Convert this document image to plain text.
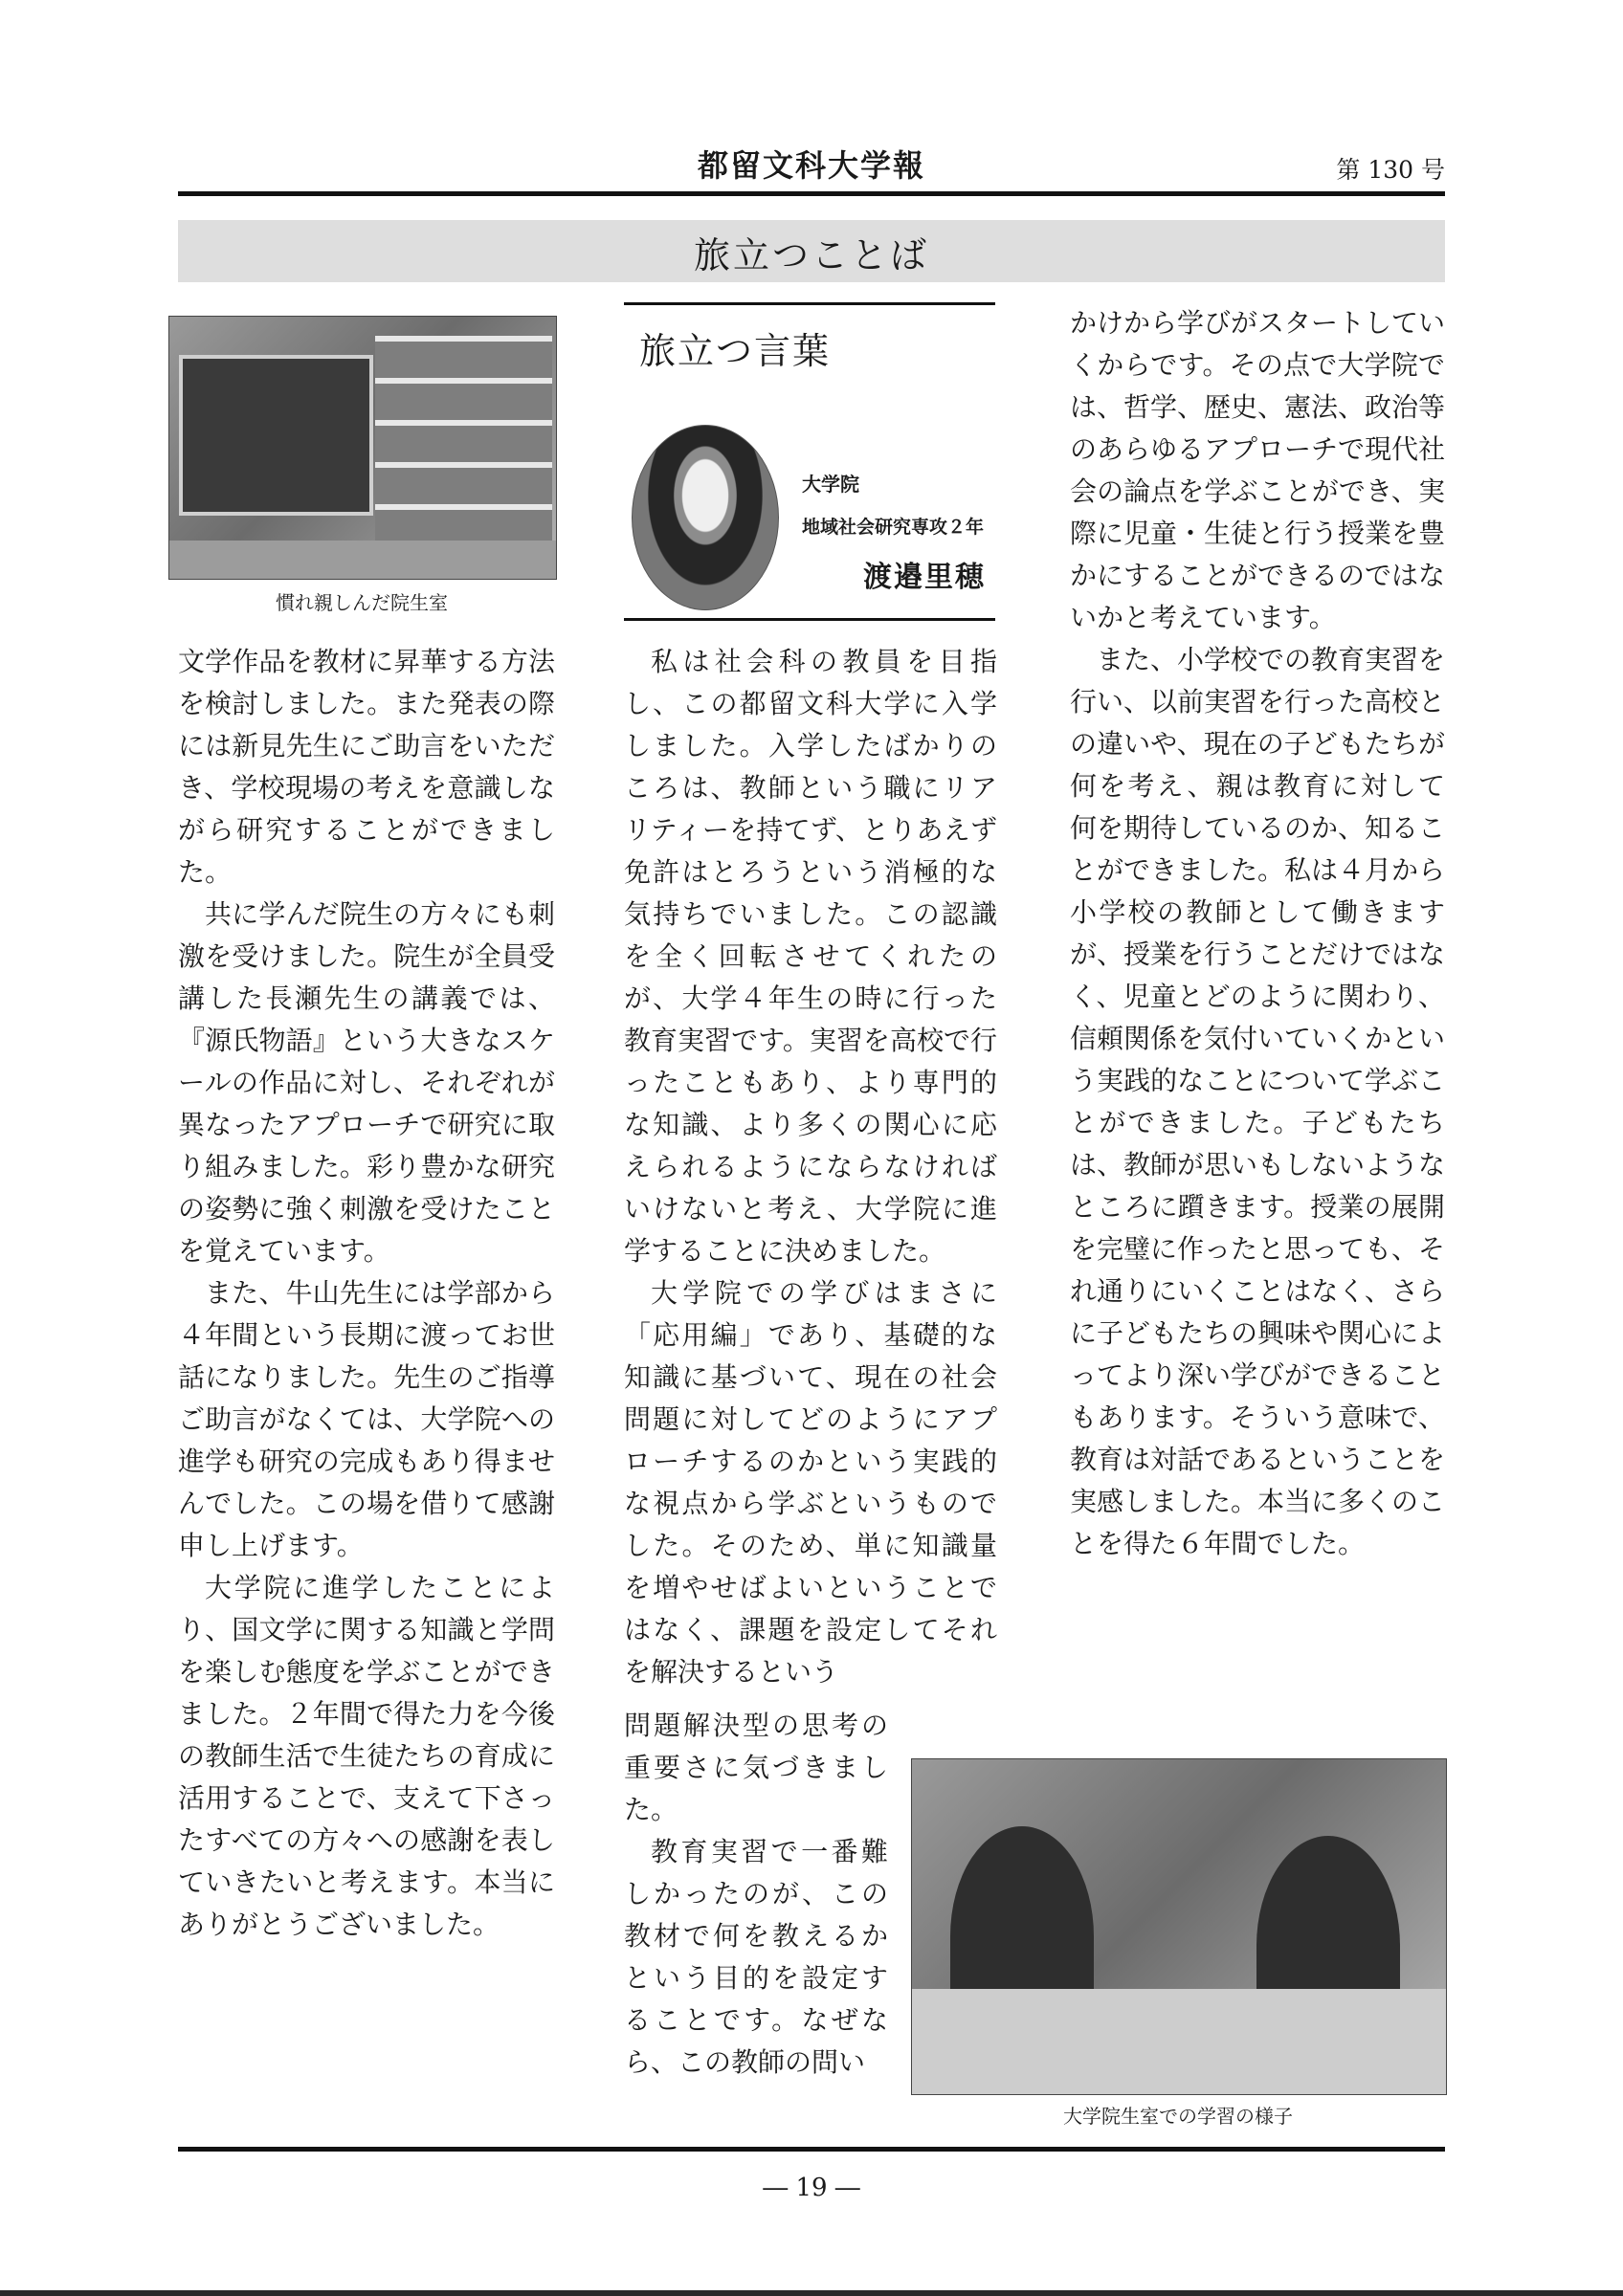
都留文科大学報	第 130 号
旅立つことば
慣れ親しんだ院生室
旅立つ言葉
大学院
地域社会研究専攻２年
渡邉里穂

文学作品を教材に昇華する方法を検討しました。また発表の際には新見先生にご助言をいただき、学校現場の考えを意識しながら研究することができました。

共に学んだ院生の方々にも刺激を受けました。院生が全員受講した長瀬先生の講義では、『源氏物語』という大きなスケールの作品に対し、それぞれが異なったアプローチで研究に取り組みました。彩り豊かな研究の姿勢に強く刺激を受けたことを覚えています。

また、牛山先生には学部から４年間という長期に渡ってお世話になりました。先生のご指導ご助言がなくては、大学院への進学も研究の完成もあり得ませんでした。この場を借りて感謝申し上げます。

大学院に進学したことにより、国文学に関する知識と学問を楽しむ態度を学ぶことができました。２年間で得た力を今後の教師生活で生徒たちの育成に活用することで、支えて下さったすべての方々への感謝を表していきたいと考えます。本当にありがとうございました。

私は社会科の教員を目指し、この都留文科大学に入学しました。入学したばかりのころは、教師という職にリアリティーを持てず、とりあえず免許はとろうという消極的な気持ちでいました。この認識を全く回転させてくれたのが、大学４年生の時に行った教育実習です。実習を高校で行ったこともあり、より専門的な知識、より多くの関心に応えられるようにならなければいけないと考え、大学院に進学することに決めました。

大学院での学びはまさに「応用編」であり、基礎的な知識に基づいて、現在の社会問題に対してどのようにアプローチするのかという実践的な視点から学ぶというものでした。そのため、単に知識量を増やせばよいということではなく、課題を設定してそれを解決するという

問題解決型の思考の重要さに気づきました。

教育実習で一番難しかったのが、この教材で何を教えるかという目的を設定することです。なぜなら、この教師の問い

かけから学びがスタートしていくからです。その点で大学院では、哲学、歴史、憲法、政治等のあらゆるアプローチで現代社会の論点を学ぶことができ、実際に児童・生徒と行う授業を豊かにすることができるのではないかと考えています。

また、小学校での教育実習を行い、以前実習を行った高校との違いや、現在の子どもたちが何を考え、親は教育に対して何を期待しているのか、知ることができました。私は４月から小学校の教師として働きますが、授業を行うことだけではなく、児童とどのように関わり、信頼関係を気付いていくかという実践的なことについて学ぶことができました。子どもたちは、教師が思いもしないようなところに躓きます。授業の展開を完璧に作ったと思っても、それ通りにいくことはなく、さらに子どもたちの興味や関心によってより深い学びができることもあります。そういう意味で、教育は対話であるということを実感しました。本当に多くのことを得た６年間でした。

大学院生室での学習の様子
― 19 ―
